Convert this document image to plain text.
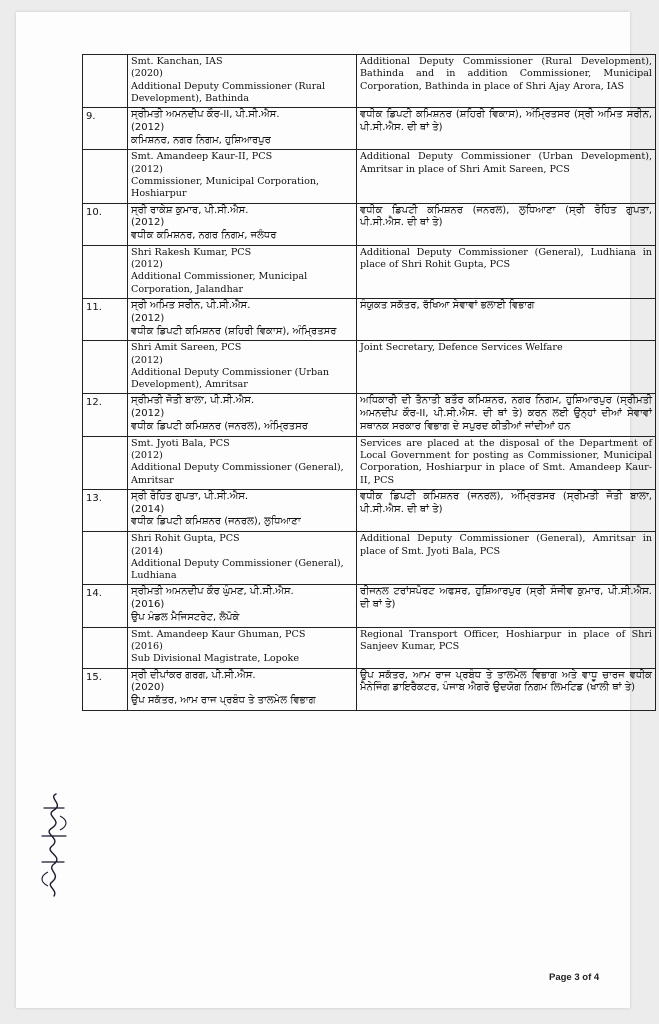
	Smt. Kanchan, IAS
(2020)
Additional Deputy Commissioner (Rural Development), Bathinda	Additional Deputy Commissioner (Rural Development), Bathinda and in addition Commissioner, Municipal Corporation, Bathinda in place of Shri Ajay Arora, IAS
9.	ਸ੍ਰੀਮਤੀ ਅਮਨਦੀਪ ਕੌਰ-II, ਪੀ.ਸੀ.ਐਸ.
(2012)
ਕਮਿਸ਼ਨਰ, ਨਗਰ ਨਿਗਮ, ਹੁਸ਼ਿਆਰਪੁਰ	ਵਧੀਕ ਡਿਪਟੀ ਕਮਿਸ਼ਨਰ (ਸ਼ਹਿਰੀ ਵਿਕਾਸ), ਅੰਮ੍ਰਿਤਸਰ (ਸ੍ਰੀ ਅਮਿਤ ਸਰੀਨ, ਪੀ.ਸੀ.ਐਸ. ਦੀ ਥਾਂ ਤੇ)

	Smt. Amandeep Kaur-II, PCS
(2012)
Commissioner, Municipal Corporation, Hoshiarpur	Additional Deputy Commissioner (Urban Development), Amritsar in place of Shri Amit Sareen, PCS
10.	ਸ੍ਰੀ ਰਾਕੇਸ਼ ਕੁਮਾਰ, ਪੀ.ਸੀ.ਐਸ.
(2012)
ਵਧੀਕ ਕਮਿਸ਼ਨਰ, ਨਗਰ ਨਿਗਮ, ਜਲੰਧਰ	ਵਧੀਕ ਡਿਪਟੀ ਕਮਿਸ਼ਨਰ (ਜਨਰਲ), ਲੁਧਿਆਣਾ (ਸ੍ਰੀ ਰੋਹਿਤ ਗੁਪਤਾ, ਪੀ.ਸੀ.ਐਸ. ਦੀ ਥਾਂ ਤੇ)

	Shri Rakesh Kumar, PCS
(2012)
Additional Commissioner, Municipal Corporation, Jalandhar	Additional Deputy Commissioner (General), Ludhiana in place of Shri Rohit Gupta, PCS
11.	ਸ੍ਰੀ ਅਮਿਤ ਸਰੀਨ, ਪੀ.ਸੀ.ਐਸ.
(2012)
ਵਧੀਕ ਡਿਪਟੀ ਕਮਿਸ਼ਨਰ (ਸ਼ਹਿਰੀ ਵਿਕਾਸ), ਅੰਮ੍ਰਿਤਸਰ	ਸੰਯੁਕਤ ਸਕੱਤਰ, ਰੱਖਿਆ ਸੇਵਾਵਾਂ ਭਲਾਈ ਵਿਭਾਗ

	Shri Amit Sareen, PCS
(2012)
Additional Deputy Commissioner (Urban Development), Amritsar	Joint Secretary, Defence Services Welfare
12.	ਸ੍ਰੀਮਤੀ ਜੋਤੀ ਬਾਲਾ, ਪੀ.ਸੀ.ਐਸ.
(2012)
ਵਧੀਕ ਡਿਪਟੀ ਕਮਿਸ਼ਨਰ (ਜਨਰਲ), ਅੰਮ੍ਰਿਤਸਰ	ਅਧਿਕਾਰੀ ਦੀ ਤੈਨਾਤੀ ਬਤੌਰ ਕਮਿਸ਼ਨਰ, ਨਗਰ ਨਿਗਮ, ਹੁਸ਼ਿਆਰਪੁਰ (ਸ੍ਰੀਮਤੀ ਅਮਨਦੀਪ ਕੌਰ-II, ਪੀ.ਸੀ.ਐਸ. ਦੀ ਥਾਂ ਤੇ) ਕਰਨ ਲਈ ਉਨ੍ਹਾਂ ਦੀਆਂ ਸੇਵਾਵਾਂ ਸਥਾਨਕ ਸਰਕਾਰ ਵਿਭਾਗ ਦੇ ਸਪੁਰਦ ਕੀਤੀਆਂ ਜਾਂਦੀਆਂ ਹਨ

	Smt. Jyoti Bala, PCS
(2012)
Additional Deputy Commissioner (General), Amritsar	Services are placed at the disposal of the Department of Local Government for posting as Commissioner, Municipal Corporation, Hoshiarpur in place of Smt. Amandeep Kaur-II, PCS
13.	ਸ੍ਰੀ ਰੋਹਿਤ ਗੁਪਤਾ, ਪੀ.ਸੀ.ਐਸ.
(2014)
ਵਧੀਕ ਡਿਪਟੀ ਕਮਿਸ਼ਨਰ (ਜਨਰਲ), ਲੁਧਿਆਣਾ	ਵਧੀਕ ਡਿਪਟੀ ਕਮਿਸ਼ਨਰ (ਜਨਰਲ), ਅੰਮ੍ਰਿਤਸਰ (ਸ੍ਰੀਮਤੀ ਜੋਤੀ ਬਾਲਾ, ਪੀ.ਸੀ.ਐਸ. ਦੀ ਥਾਂ ਤੇ)

	Shri Rohit Gupta, PCS
(2014)
Additional Deputy Commissioner (General), Ludhiana	Additional Deputy Commissioner (General), Amritsar in place of Smt. Jyoti Bala, PCS
14.	ਸ੍ਰੀਮਤੀ ਅਮਨਦੀਪ ਕੌਰ ਘੁੰਮਣ, ਪੀ.ਸੀ.ਐਸ.
(2016)
ਉਪ ਮੰਡਲ ਮੈਜਿਸਟਰੇਟ, ਲੋਪੋਕੇ	ਰੀਜਨਲ ਟਰਾਂਸਪੋਰਟ ਅਫਸਰ, ਹੁਸ਼ਿਆਰਪੁਰ (ਸ੍ਰੀ ਸੰਜੀਵ ਕੁਮਾਰ, ਪੀ.ਸੀ.ਐਸ. ਦੀ ਥਾਂ ਤੇ)

	Smt. Amandeep Kaur Ghuman, PCS
(2016)
Sub Divisional Magistrate, Lopoke	Regional Transport Officer, Hoshiarpur in place of Shri Sanjeev Kumar, PCS
15.	ਸ੍ਰੀ ਦੀਪਾਂਕਰ ਗਰਗ, ਪੀ.ਸੀ.ਐਸ.
(2020)
ਉਪ ਸਕੱਤਰ, ਆਮ ਰਾਜ ਪ੍ਰਬੰਧ ਤੇ ਤਾਲਮੇਲ ਵਿਭਾਗ	ਉਪ ਸਕੱਤਰ, ਆਮ ਰਾਜ ਪ੍ਰਬੰਧ ਤੇ ਤਾਲਮੇਲ ਵਿਭਾਗ ਅਤੇ ਵਾਧੂ ਚਾਰਜ ਵਧੀਕ ਮੈਨੇਜਿੰਗ ਡਾਇਰੈਕਟਰ, ਪੰਜਾਬ ਐਗਰੋ ਉਦਯੋਗ ਨਿਗਮ ਲਿਮਟਿਡ (ਖਾਲੀ ਥਾਂ ਤੇ)
Page 3 of 4
